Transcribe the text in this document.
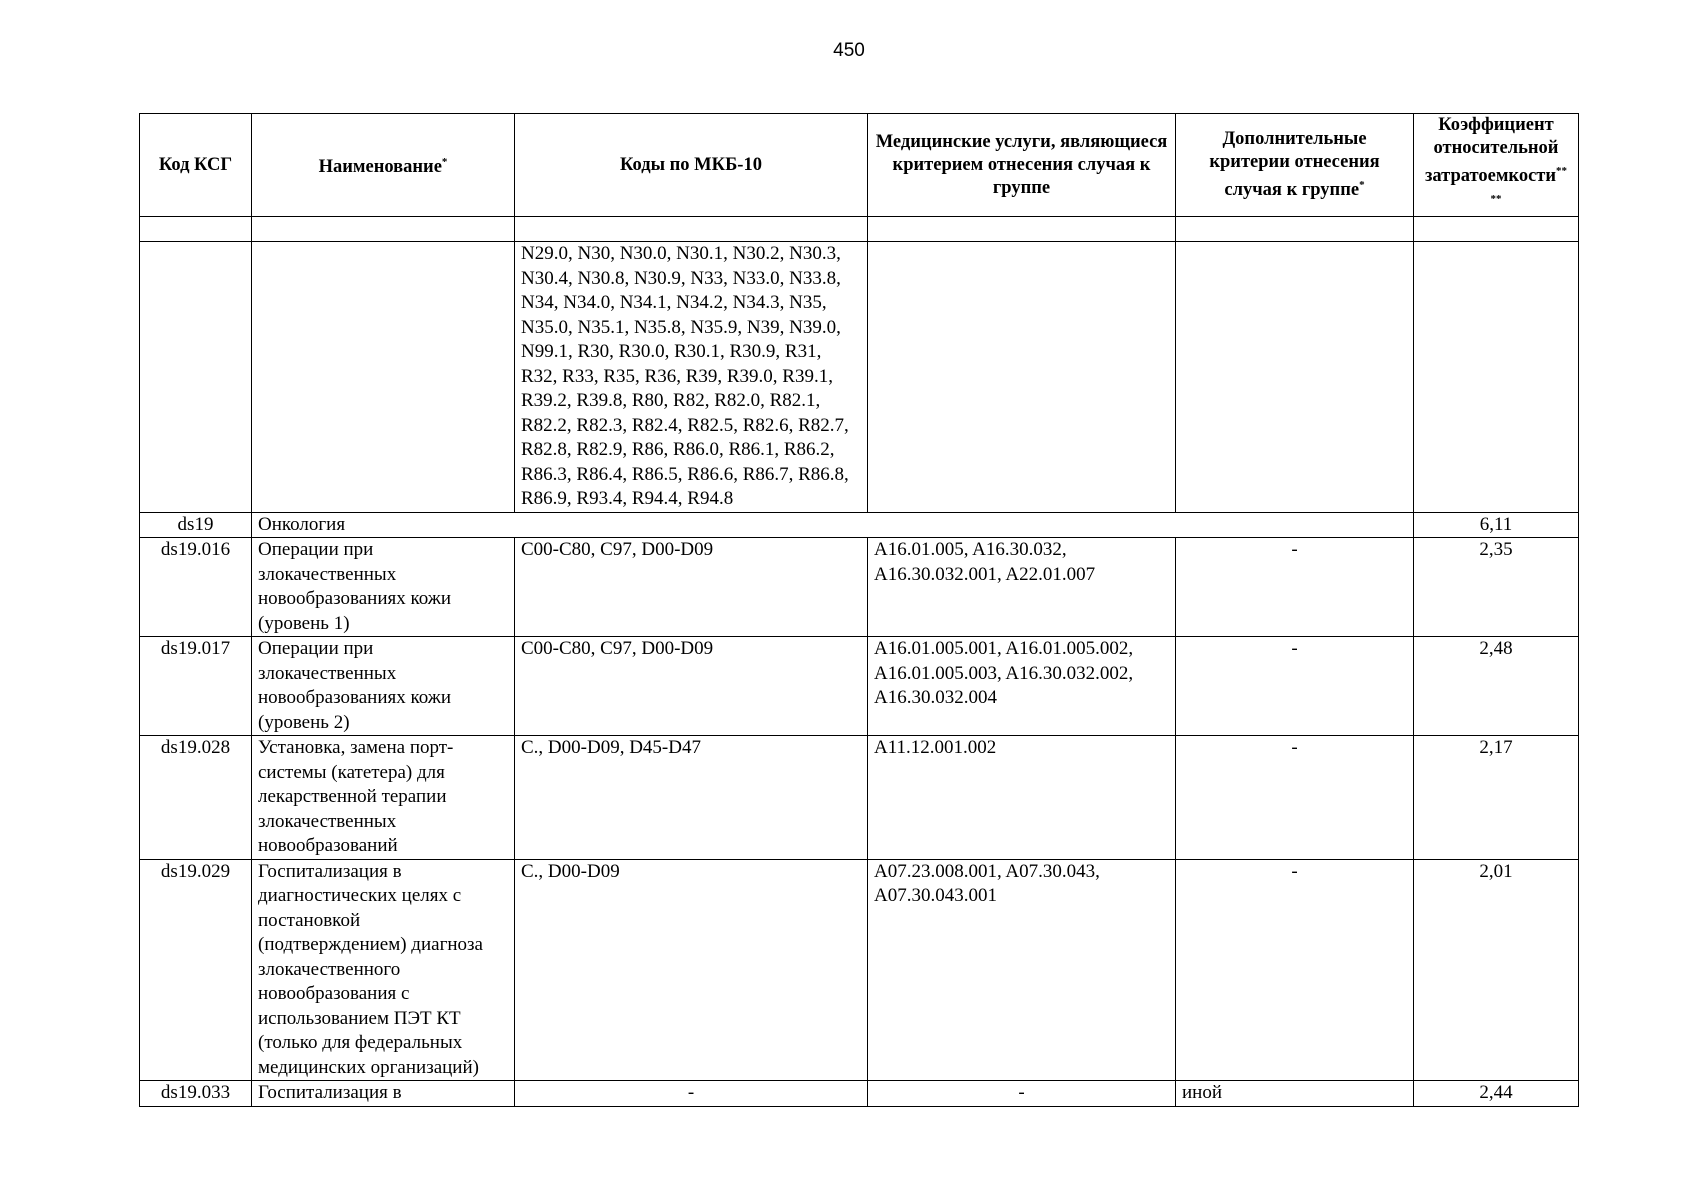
450
Код КСГ	Наименование*	Коды по МКБ-10	Медицинские услуги, являющиеся критерием отнесения случая к группе	Дополнительные критерии отнесения случая к группе*	Коэффициент относительной затратоемкости**
**

		N29.0, N30, N30.0, N30.1, N30.2, N30.3, N30.4, N30.8, N30.9, N33, N33.0, N33.8, N34, N34.0, N34.1, N34.2, N34.3, N35, N35.0, N35.1, N35.8, N35.9, N39, N39.0, N99.1, R30, R30.0, R30.1, R30.9, R31, R32, R33, R35, R36, R39, R39.0, R39.1, R39.2, R39.8, R80, R82, R82.0, R82.1, R82.2, R82.3, R82.4, R82.5, R82.6, R82.7, R82.8, R82.9, R86, R86.0, R86.1, R86.2, R86.3, R86.4, R86.5, R86.6, R86.7, R86.8, R86.9, R93.4, R94.4, R94.8			
ds19	Онкология				6,11
ds19.016	Операции при злокачественных новообразованиях кожи (уровень 1)	C00-C80, C97, D00-D09	A16.01.005, A16.30.032, A16.30.032.001, A22.01.007	-	2,35
ds19.017	Операции при злокачественных новообразованиях кожи (уровень 2)	C00-C80, C97, D00-D09	A16.01.005.001, A16.01.005.002, A16.01.005.003, A16.30.032.002, A16.30.032.004	-	2,48
ds19.028	Установка, замена порт-системы (катетера) для лекарственной терапии злокачественных новообразований	C., D00-D09, D45-D47	A11.12.001.002	-	2,17
ds19.029	Госпитализация в диагностических целях с постановкой (подтверждением) диагноза злокачественного новообразования с использованием ПЭТ КТ (только для федеральных медицинских организаций)	C., D00-D09	A07.23.008.001, A07.30.043, A07.30.043.001	-	2,01
ds19.033	Госпитализация в	-	-	иной	2,44
